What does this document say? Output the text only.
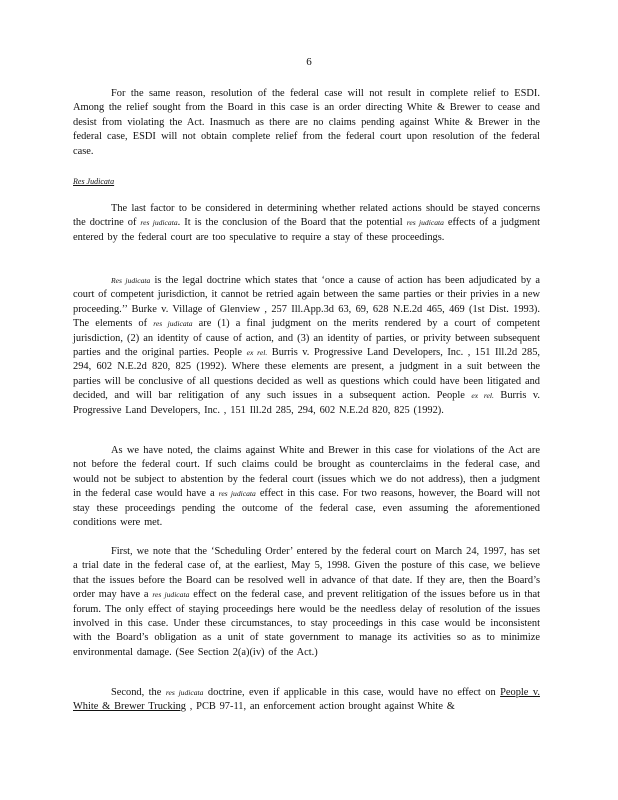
6

For the same reason, resolution of the federal case will not result in complete relief to ESDI. Among the relief sought from the Board in this case is an order directing White & Brewer to cease and desist from violating the Act. Inasmuch as there are no claims pending against White & Brewer in the federal case, ESDI will not obtain complete relief from the federal court upon resolution of the federal case.

Res Judicata

The last factor to be considered in determining whether related actions should be stayed concerns the doctrine of res judicata. It is the conclusion of the Board that the potential res judicata effects of a judgment entered by the federal court are too speculative to require a stay of these proceedings.

Res judicata is the legal doctrine which states that ‘once a cause of action has been adjudicated by a court of competent jurisdiction, it cannot be retried again between the same parties or their privies in a new proceeding.’’ Burke v. Village of Glenview , 257 Ill.App.3d 63, 69, 628 N.E.2d 465, 469 (1st Dist. 1993). The elements of res judicata are (1) a final judgment on the merits rendered by a court of competent jurisdiction, (2) an identity of cause of action, and (3) an identity of parties, or privity between subsequent parties and the original parties. People ex rel. Burris v. Progressive Land Developers, Inc. , 151 Ill.2d 285, 294, 602 N.E.2d 820, 825 (1992). Where these elements are present, a judgment in a suit between the parties will be conclusive of all questions decided as well as questions which could have been litigated and decided, and will bar relitigation of any such issues in a subsequent action. People ex rel. Burris v. Progressive Land Developers, Inc. , 151 Ill.2d 285, 294, 602 N.E.2d 820, 825 (1992).

As we have noted, the claims against White and Brewer in this case for violations of the Act are not before the federal court. If such claims could be brought as counterclaims in the federal case, and would not be subject to abstention by the federal court (issues which we do not address), then a judgment in the federal case would have a res judicata effect in this case. For two reasons, however, the Board will not stay these proceedings pending the outcome of the federal case, even assuming the aforementioned conditions were met.

First, we note that the ‘Scheduling Order’ entered by the federal court on March 24, 1997, has set a trial date in the federal case of, at the earliest, May 5, 1998. Given the posture of this case, we believe that the issues before the Board can be resolved well in advance of that date. If they are, then the Board’s order may have a res judicata effect on the federal case, and prevent relitigation of the issues before us in that forum. The only effect of staying proceedings here would be the needless delay of resolution of the issues involved in this case. Under these circumstances, to stay proceedings in this case would be inconsistent with the Board’s obligation as a unit of state government to manage its activities so as to minimize environmental damage. (See Section 2(a)(iv) of the Act.)

Second, the res judicata doctrine, even if applicable in this case, would have no effect on People v. White & Brewer Trucking , PCB 97-11, an enforcement action brought against White &
